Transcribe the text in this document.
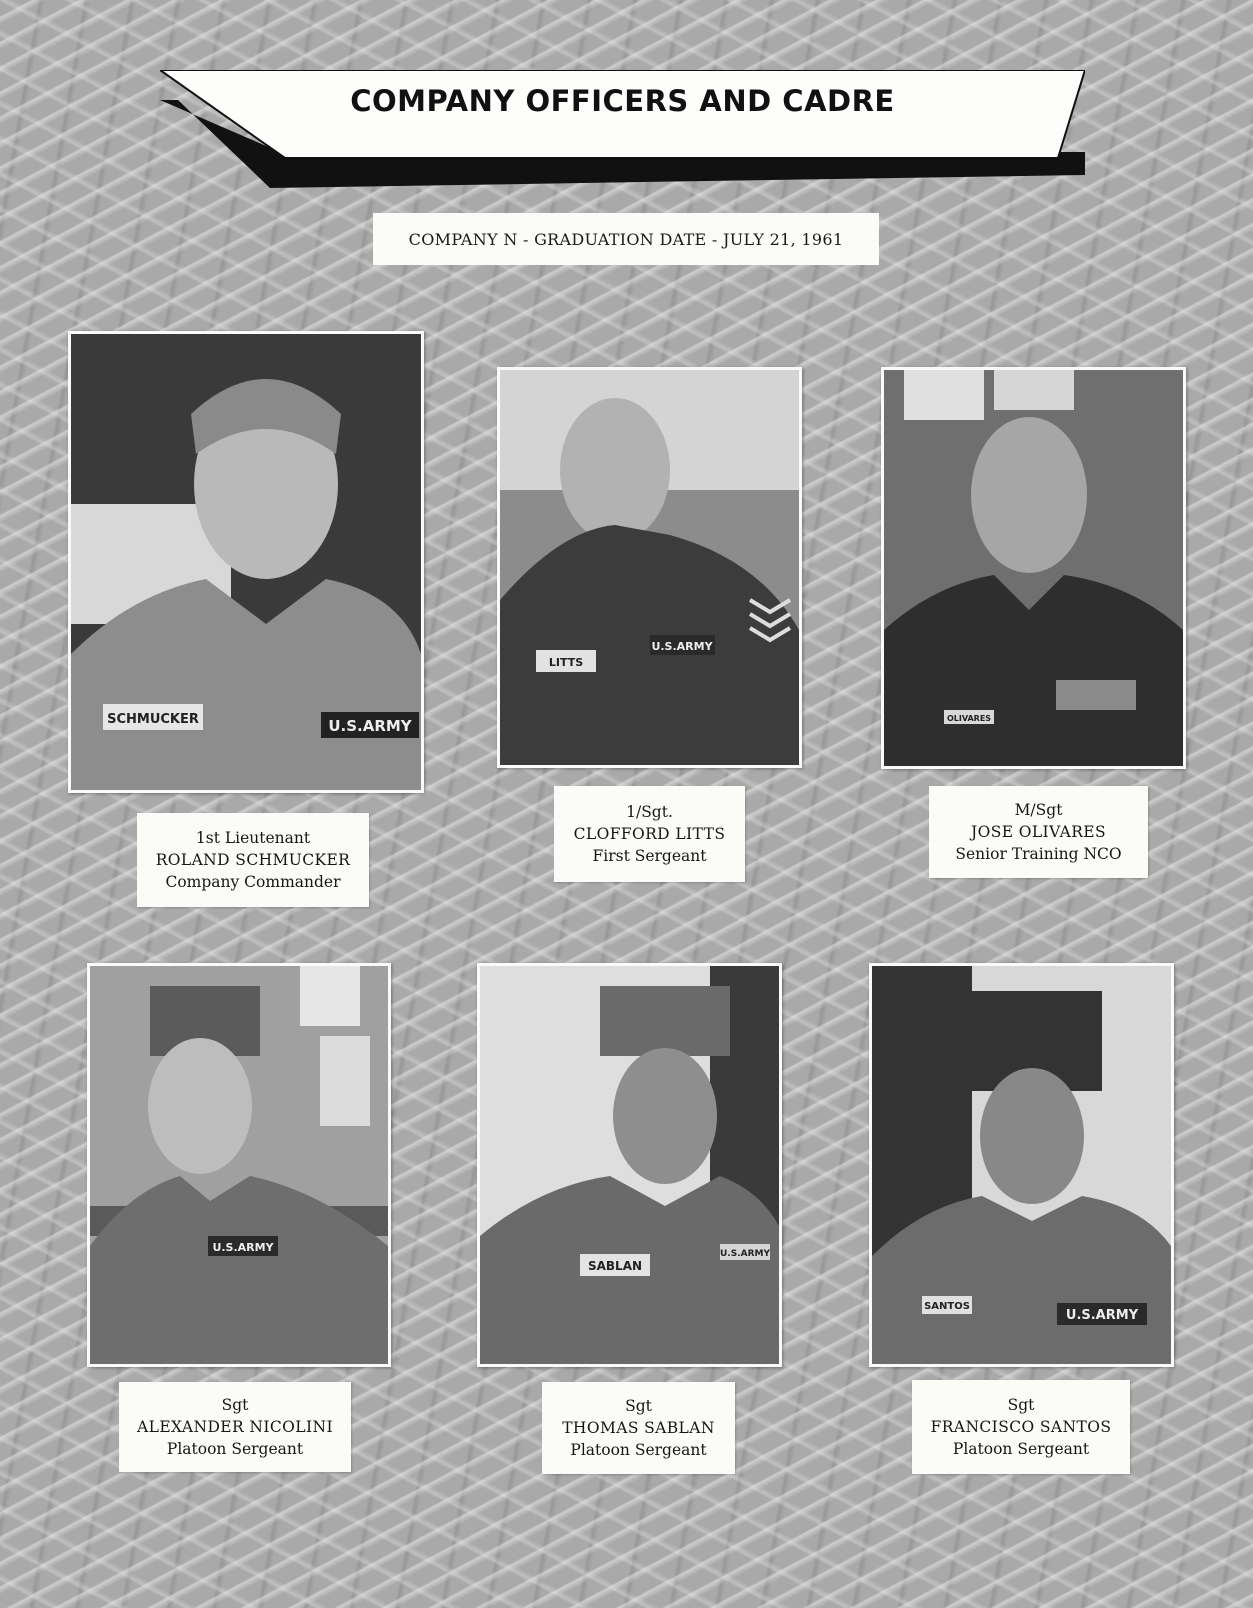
COMPANY OFFICERS AND CADRE
COMPANY N - GRADUATION DATE - JULY 21, 1961
SCHMUCKER	U.S.ARMY
1st Lieutenant
ROLAND SCHMUCKER
Company Commander
LITTS
U.S.ARMY
1/Sgt.
CLOFFORD LITTS
First Sergeant
OLIVARES
M/Sgt
JOSE OLIVARES
Senior Training NCO
U.S.ARMY
Sgt
ALEXANDER NICOLINI
Platoon Sergeant
SABLAN
U.S.ARMY
Sgt
THOMAS SABLAN
Platoon Sergeant
SANTOS
U.S.ARMY
Sgt
FRANCISCO SANTOS
Platoon Sergeant
